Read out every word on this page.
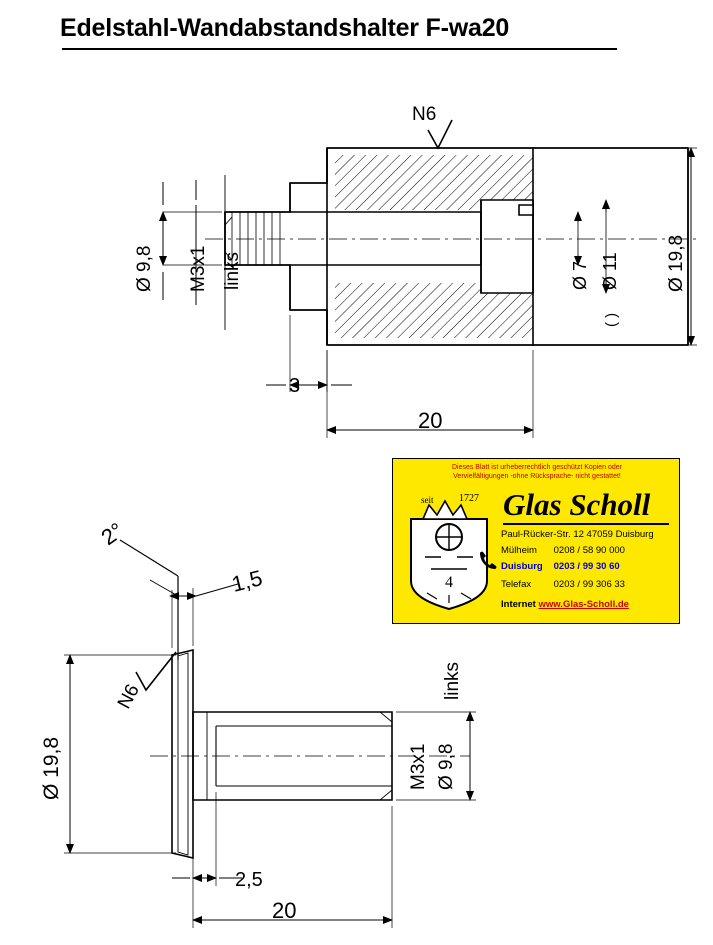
Edelstahl-Wandabstandshalter F-wa20
N6
Ø 9,8 M3x1 links
3
20
Ø 7 Ø 11
( )
Ø 19,8
2°
1,5
N6
Ø 19,8	Ø 9,8
M3x1
links
2,5
20
Dieses Blatt ist urheberrechtlich geschützt Kopien oder
Vervielfältigungen -ohne Rücksprache- nicht gestattet!
4
seit	1727 Glas Scholl
Paul-Rücker-Str. 12 47059 Duisburg
Mülheim 0208 / 58 90 000
Duisburg 0203 / 99 30 60
Telefax 0203 / 99 306 33
Internet www.Glas-Scholl.de
